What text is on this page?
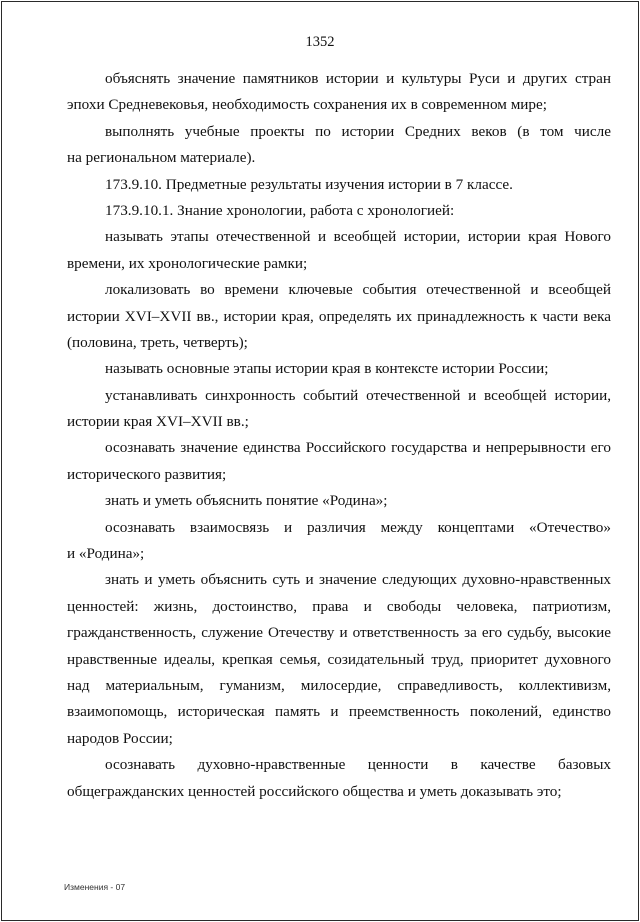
1352
объяснять значение памятников истории и культуры Руси и других стран
эпохи Средневековья, необходимость сохранения их в современном мире;
выполнять учебные проекты по истории Средних веков (в том числе
на региональном материале).
173.9.10. Предметные результаты изучения истории в 7 классе.
173.9.10.1. Знание хронологии, работа с хронологией:
называть этапы отечественной и всеобщей истории, истории края Нового
времени, их хронологические рамки;
локализовать во времени ключевые события отечественной и всеобщей
истории XVI–XVII вв., истории края, определять их принадлежность к части века
(половина, треть, четверть);
называть основные этапы истории края в контексте истории России;
устанавливать синхронность событий отечественной и всеобщей истории,
истории края XVI–XVII вв.;
осознавать значение единства Российского государства и непрерывности его
исторического развития;
знать и уметь объяснить понятие «Родина»;
осознавать взаимосвязь и различия между концептами «Отечество»
и «Родина»;
знать и уметь объяснить суть и значение следующих духовно-нравственных
ценностей: жизнь, достоинство, права и свободы человека, патриотизм,
гражданственность, служение Отечеству и ответственность за его судьбу, высокие
нравственные идеалы, крепкая семья, созидательный труд, приоритет духовного
над материальным, гуманизм, милосердие, справедливость, коллективизм,
взаимопомощь, историческая память и преемственность поколений, единство
народов России;
осознавать духовно-нравственные ценности в качестве базовых
общегражданских ценностей российского общества и уметь доказывать это;
Изменения - 07
